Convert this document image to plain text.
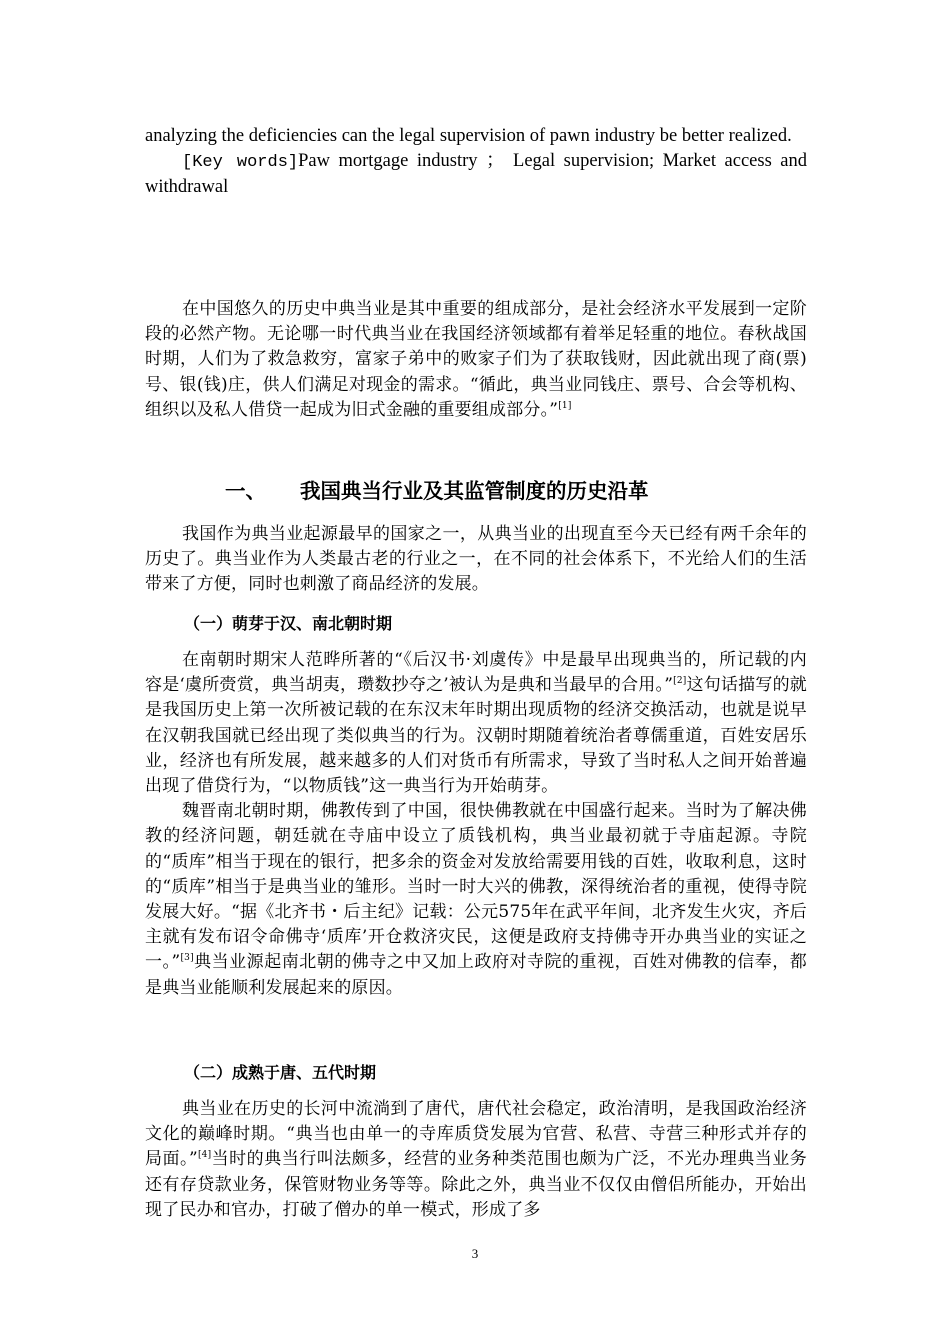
analyzing the deficiencies can the legal supervision of pawn industry be better realized.

[Key words]Paw mortgage industry ； Legal supervision; Market access and withdrawal

在中国悠久的历史中典当业是其中重要的组成部分，是社会经济水平发展到一定阶段的必然产物。无论哪一时代典当业在我国经济领域都有着举足轻重的地位。春秋战国时期，人们为了救急救穷，富家子弟中的败家子们为了获取钱财，因此就出现了商(票)号、银(钱)庄，供人们满足对现金的需求。“循此，典当业同钱庄、票号、合会等机构、组织以及私人借贷一起成为旧式金融的重要组成部分。”[1]

一、 我国典当行业及其监管制度的历史沿革

我国作为典当业起源最早的国家之一，从典当业的出现直至今天已经有两千余年的历史了。典当业作为人类最古老的行业之一，在不同的社会体系下，不光给人们的生活带来了方便，同时也刺激了商品经济的发展。

（一）萌芽于汉、南北朝时期

在南朝时期宋人范晔所著的“《后汉书·刘虞传》中是最早出现典当的，所记载的内容是‘虞所赍赏，典当胡夷，瓒数抄夺之’被认为是典和当最早的合用。”[2]这句话描写的就是我国历史上第一次所被记载的在东汉末年时期出现质物的经济交换活动，也就是说早在汉朝我国就已经出现了类似典当的行为。汉朝时期随着统治者尊儒重道，百姓安居乐业，经济也有所发展，越来越多的人们对货币有所需求，导致了当时私人之间开始普遍出现了借贷行为，“以物质钱”这一典当行为开始萌芽。

魏晋南北朝时期，佛教传到了中国，很快佛教就在中国盛行起来。当时为了解决佛教的经济问题，朝廷就在寺庙中设立了质钱机构，典当业最初就于寺庙起源。寺院的“质库”相当于现在的银行，把多余的资金对发放给需要用钱的百姓，收取利息，这时的“质库”相当于是典当业的雏形。当时一时大兴的佛教，深得统治者的重视，使得寺院发展大好。“据《北齐书・后主纪》记载：公元575年在武平年间，北齐发生火灾，齐后主就有发布诏令命佛寺‘质库’开仓救济灾民，这便是政府支持佛寺开办典当业的实证之一。”[3]典当业源起南北朝的佛寺之中又加上政府对寺院的重视，百姓对佛教的信奉，都是典当业能顺利发展起来的原因。

（二）成熟于唐、五代时期

典当业在历史的长河中流淌到了唐代，唐代社会稳定，政治清明，是我国政治经济文化的巅峰时期。“典当也由单一的寺库质贷发展为官营、私营、寺营三种形式并存的局面。”[4]当时的典当行叫法颇多，经营的业务种类范围也颇为广泛，不光办理典当业务还有存贷款业务，保管财物业务等等。除此之外，典当业不仅仅由僧侣所能办，开始出现了民办和官办，打破了僧办的单一模式，形成了多

3
